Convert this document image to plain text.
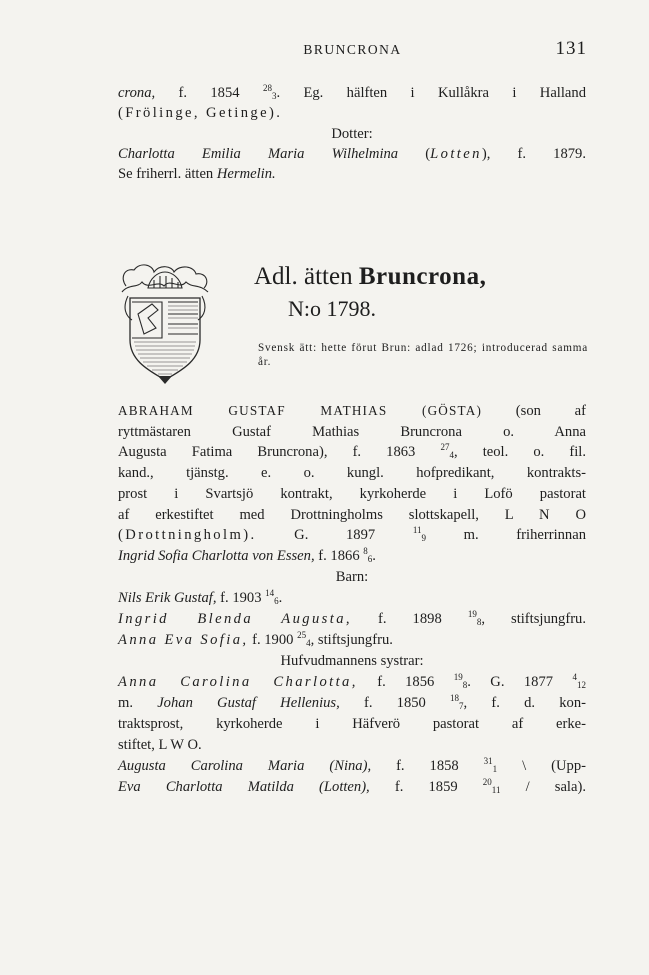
BRUNCRONA	131
crona, f. 1854 $^{28}_3$. Eg. hälften i Kullåkra i Halland
(Frölinge, Getinge).
Dotter:
Charlotta Emilia Maria Wilhelmina (Lotten), f. 1879.
Se friherrl. ätten Hermelin.
Adl. ätten Bruncrona,
N:o 1798.
Svensk ätt: hette förut Brun: adlad 1726; introducerad samma år.
ABRAHAM GUSTAF MATHIAS (GÖSTA) (son af
ryttmästaren Gustaf Mathias Bruncrona o. Anna
Augusta Fatima Bruncrona), f. 1863 $^{27}_4$, teol. o. fil.
kand., tjänstg. e. o. kungl. hofpredikant, kontrakts-
prost i Svartsjö kontrakt, kyrkoherde i Lofö pastorat
af erkestiftet med Drottningholms slottskapell, L N O
(Drottningholm). G. 1897 $^{11}_9$ m. friherrinnan
Ingrid Sofia Charlotta von Essen, f. 1866 $^8_6$.
Barn:
Nils Erik Gustaf, f. 1903 $^{14}_6$.
Ingrid Blenda Augusta, f. 1898 $^{19}_8$, stiftsjungfru.
Anna Eva Sofia, f. 1900 $^{25}_4$, stiftsjungfru.
Hufvudmannens systrar:
Anna Carolina Charlotta, f. 1856 $^{19}_8$. G. 1877 $^4_{12}$
m. Johan Gustaf Hellenius, f. 1850 $^{18}_7$, f. d. kon-
traktsprost, kyrkoherde i Häfverö pastorat af erke-
stiftet, L W O.
Augusta Carolina Maria (Nina), f. 1858 $^{31}_1$ \ (Upp-
Eva Charlotta Matilda (Lotten), f. 1859 $^{20}_{11}$ / sala).
